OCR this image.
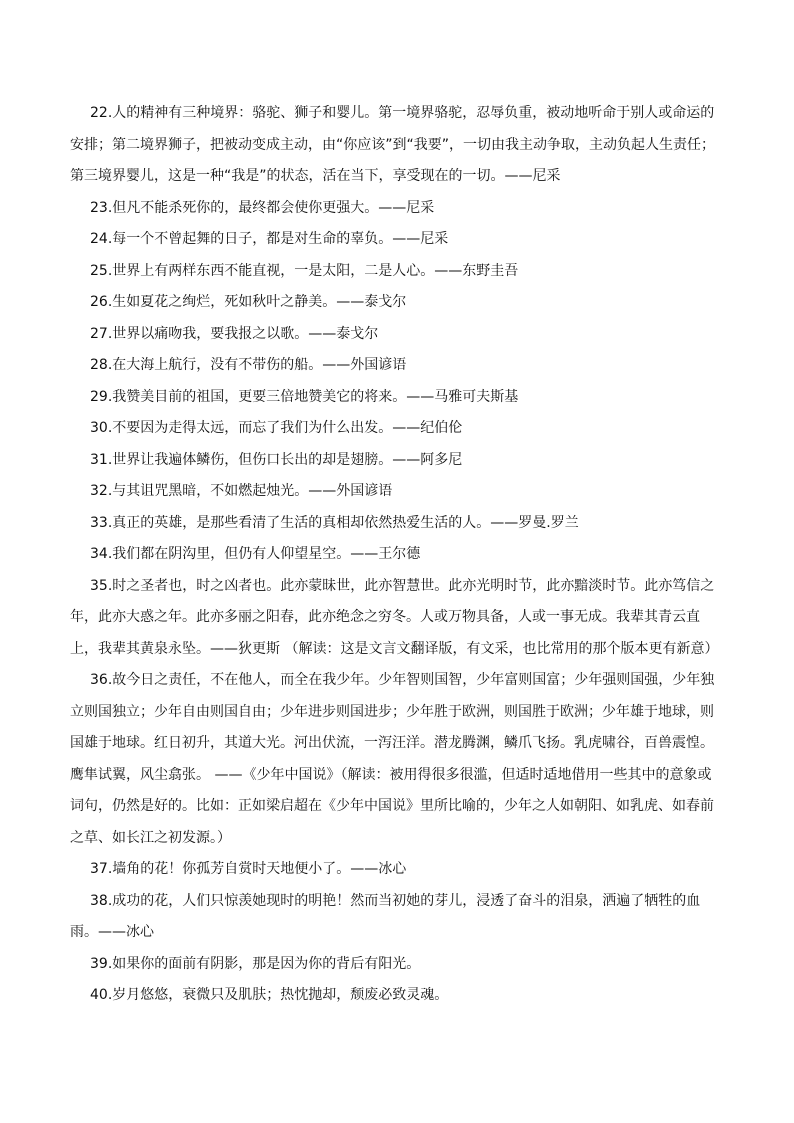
22.人的精神有三种境界：骆驼、狮子和婴儿。第一境界骆驼，忍辱负重，被动地听命于别人或命运的安排；第二境界狮子，把被动变成主动，由“你应该”到“我要”，一切由我主动争取，主动负起人生责任；第三境界婴儿，这是一种“我是”的状态，活在当下，享受现在的一切。——尼采

23.但凡不能杀死你的，最终都会使你更强大。——尼采

24.每一个不曾起舞的日子，都是对生命的辜负。——尼采

25.世界上有两样东西不能直视，一是太阳，二是人心。——东野圭吾

26.生如夏花之绚烂，死如秋叶之静美。——泰戈尔

27.世界以痛吻我，要我报之以歌。——泰戈尔

28.在大海上航行，没有不带伤的船。——外国谚语

29.我赞美目前的祖国，更要三倍地赞美它的将来。——马雅可夫斯基

30.不要因为走得太远，而忘了我们为什么出发。——纪伯伦

31.世界让我遍体鳞伤，但伤口长出的却是翅膀。——阿多尼

32.与其诅咒黑暗，不如燃起烛光。——外国谚语

33.真正的英雄，是那些看清了生活的真相却依然热爱生活的人。——罗曼.罗兰

34.我们都在阴沟里，但仍有人仰望星空。——王尔德

35.时之圣者也，时之凶者也。此亦蒙昧世，此亦智慧世。此亦光明时节，此亦黯淡时节。此亦笃信之年，此亦大惑之年。此亦多丽之阳春，此亦绝念之穷冬。人或万物具备，人或一事无成。我辈其青云直上，我辈其黄泉永坠。——狄更斯 （解读：这是文言文翻译版，有文采，也比常用的那个版本更有新意）

36.故今日之责任，不在他人，而全在我少年。少年智则国智，少年富则国富；少年强则国强，少年独立则国独立；少年自由则国自由；少年进步则国进步；少年胜于欧洲，则国胜于欧洲；少年雄于地球，则国雄于地球。红日初升，其道大光。河出伏流，一泻汪洋。潜龙腾渊，鳞爪飞扬。乳虎啸谷，百兽震惶。鹰隼试翼，风尘翕张。 ——《少年中国说》（解读：被用得很多很滥，但适时适地借用一些其中的意象或词句，仍然是好的。比如：正如梁启超在《少年中国说》里所比喻的，少年之人如朝阳、如乳虎、如春前之草、如长江之初发源。）

37.墙角的花！你孤芳自赏时天地便小了。——冰心

38.成功的花，人们只惊羡她现时的明艳！然而当初她的芽儿，浸透了奋斗的泪泉，洒遍了牺牲的血雨。——冰心

39.如果你的面前有阴影，那是因为你的背后有阳光。

40.岁月悠悠，衰微只及肌肤；热忱抛却，颓废必致灵魂。
